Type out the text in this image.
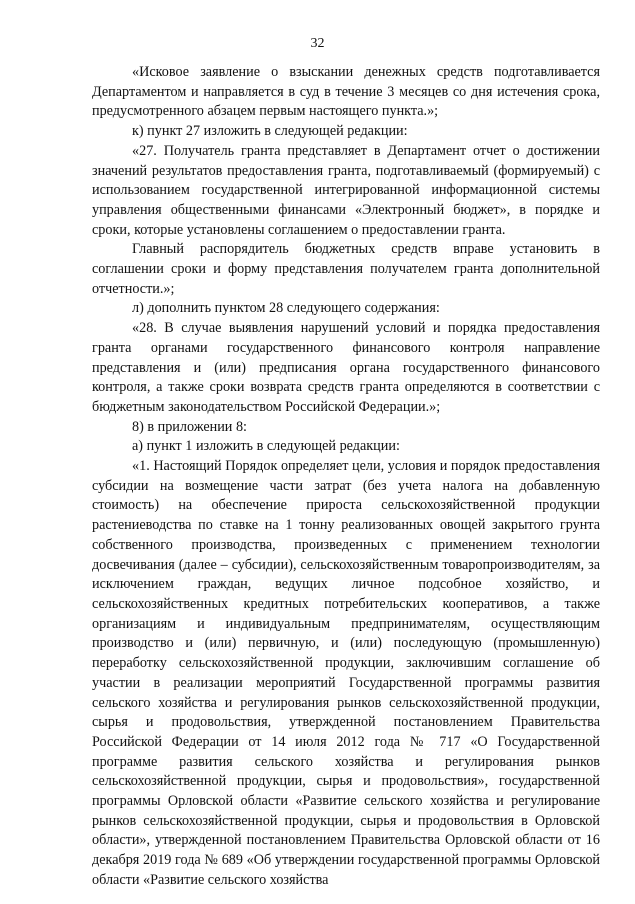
32

«Исковое заявление о взыскании денежных средств подготавливается Департаментом и направляется в суд в течение 3 месяцев со дня истечения срока, предусмотренного абзацем первым настоящего пункта.»;

к) пункт 27 изложить в следующей редакции:

«27. Получатель гранта представляет в Департамент отчет о достижении значений результатов предоставления гранта, подготавливаемый (формируемый) с использованием государственной интегрированной информационной системы управления общественными финансами «Электронный бюджет», в порядке и сроки, которые установлены соглашением о предоставлении гранта.

Главный распорядитель бюджетных средств вправе установить в соглашении сроки и форму представления получателем гранта дополнительной отчетности.»;

л) дополнить пунктом 28 следующего содержания:

«28. В случае выявления нарушений условий и порядка предоставления гранта органами государственного финансового контроля направление представления и (или) предписания органа государственного финансового контроля, а также сроки возврата средств гранта определяются в соответствии с бюджетным законодательством Российской Федерации.»;

8) в приложении 8:

а) пункт 1 изложить в следующей редакции:

«1. Настоящий Порядок определяет цели, условия и порядок предоставления субсидии на возмещение части затрат (без учета налога на добавленную стоимость) на обеспечение прироста сельскохозяйственной продукции растениеводства по ставке на 1 тонну реализованных овощей закрытого грунта собственного производства, произведенных с применением технологии досвечивания (далее – субсидии), сельскохозяйственным товаропроизводителям, за исключением граждан, ведущих личное подсобное хозяйство, и сельскохозяйственных кредитных потребительских кооперативов, а также организациям и индивидуальным предпринимателям, осуществляющим производство и (или) первичную, и (или) последующую (промышленную) переработку сельскохозяйственной продукции, заключившим соглашение об участии в реализации мероприятий Государственной программы развития сельского хозяйства и регулирования рынков сельскохозяйственной продукции, сырья и продовольствия, утвержденной постановлением Правительства Российской Федерации от 14 июля 2012 года № 717 «О Государственной программе развития сельского хозяйства и регулирования рынков сельскохозяйственной продукции, сырья и продовольствия», государственной программы Орловской области «Развитие сельского хозяйства и регулирование рынков сельскохозяйственной продукции, сырья и продовольствия в Орловской области», утвержденной постановлением Правительства Орловской области от 16 декабря 2019 года № 689 «Об утверждении государственной программы Орловской области «Развитие сельского хозяйства
